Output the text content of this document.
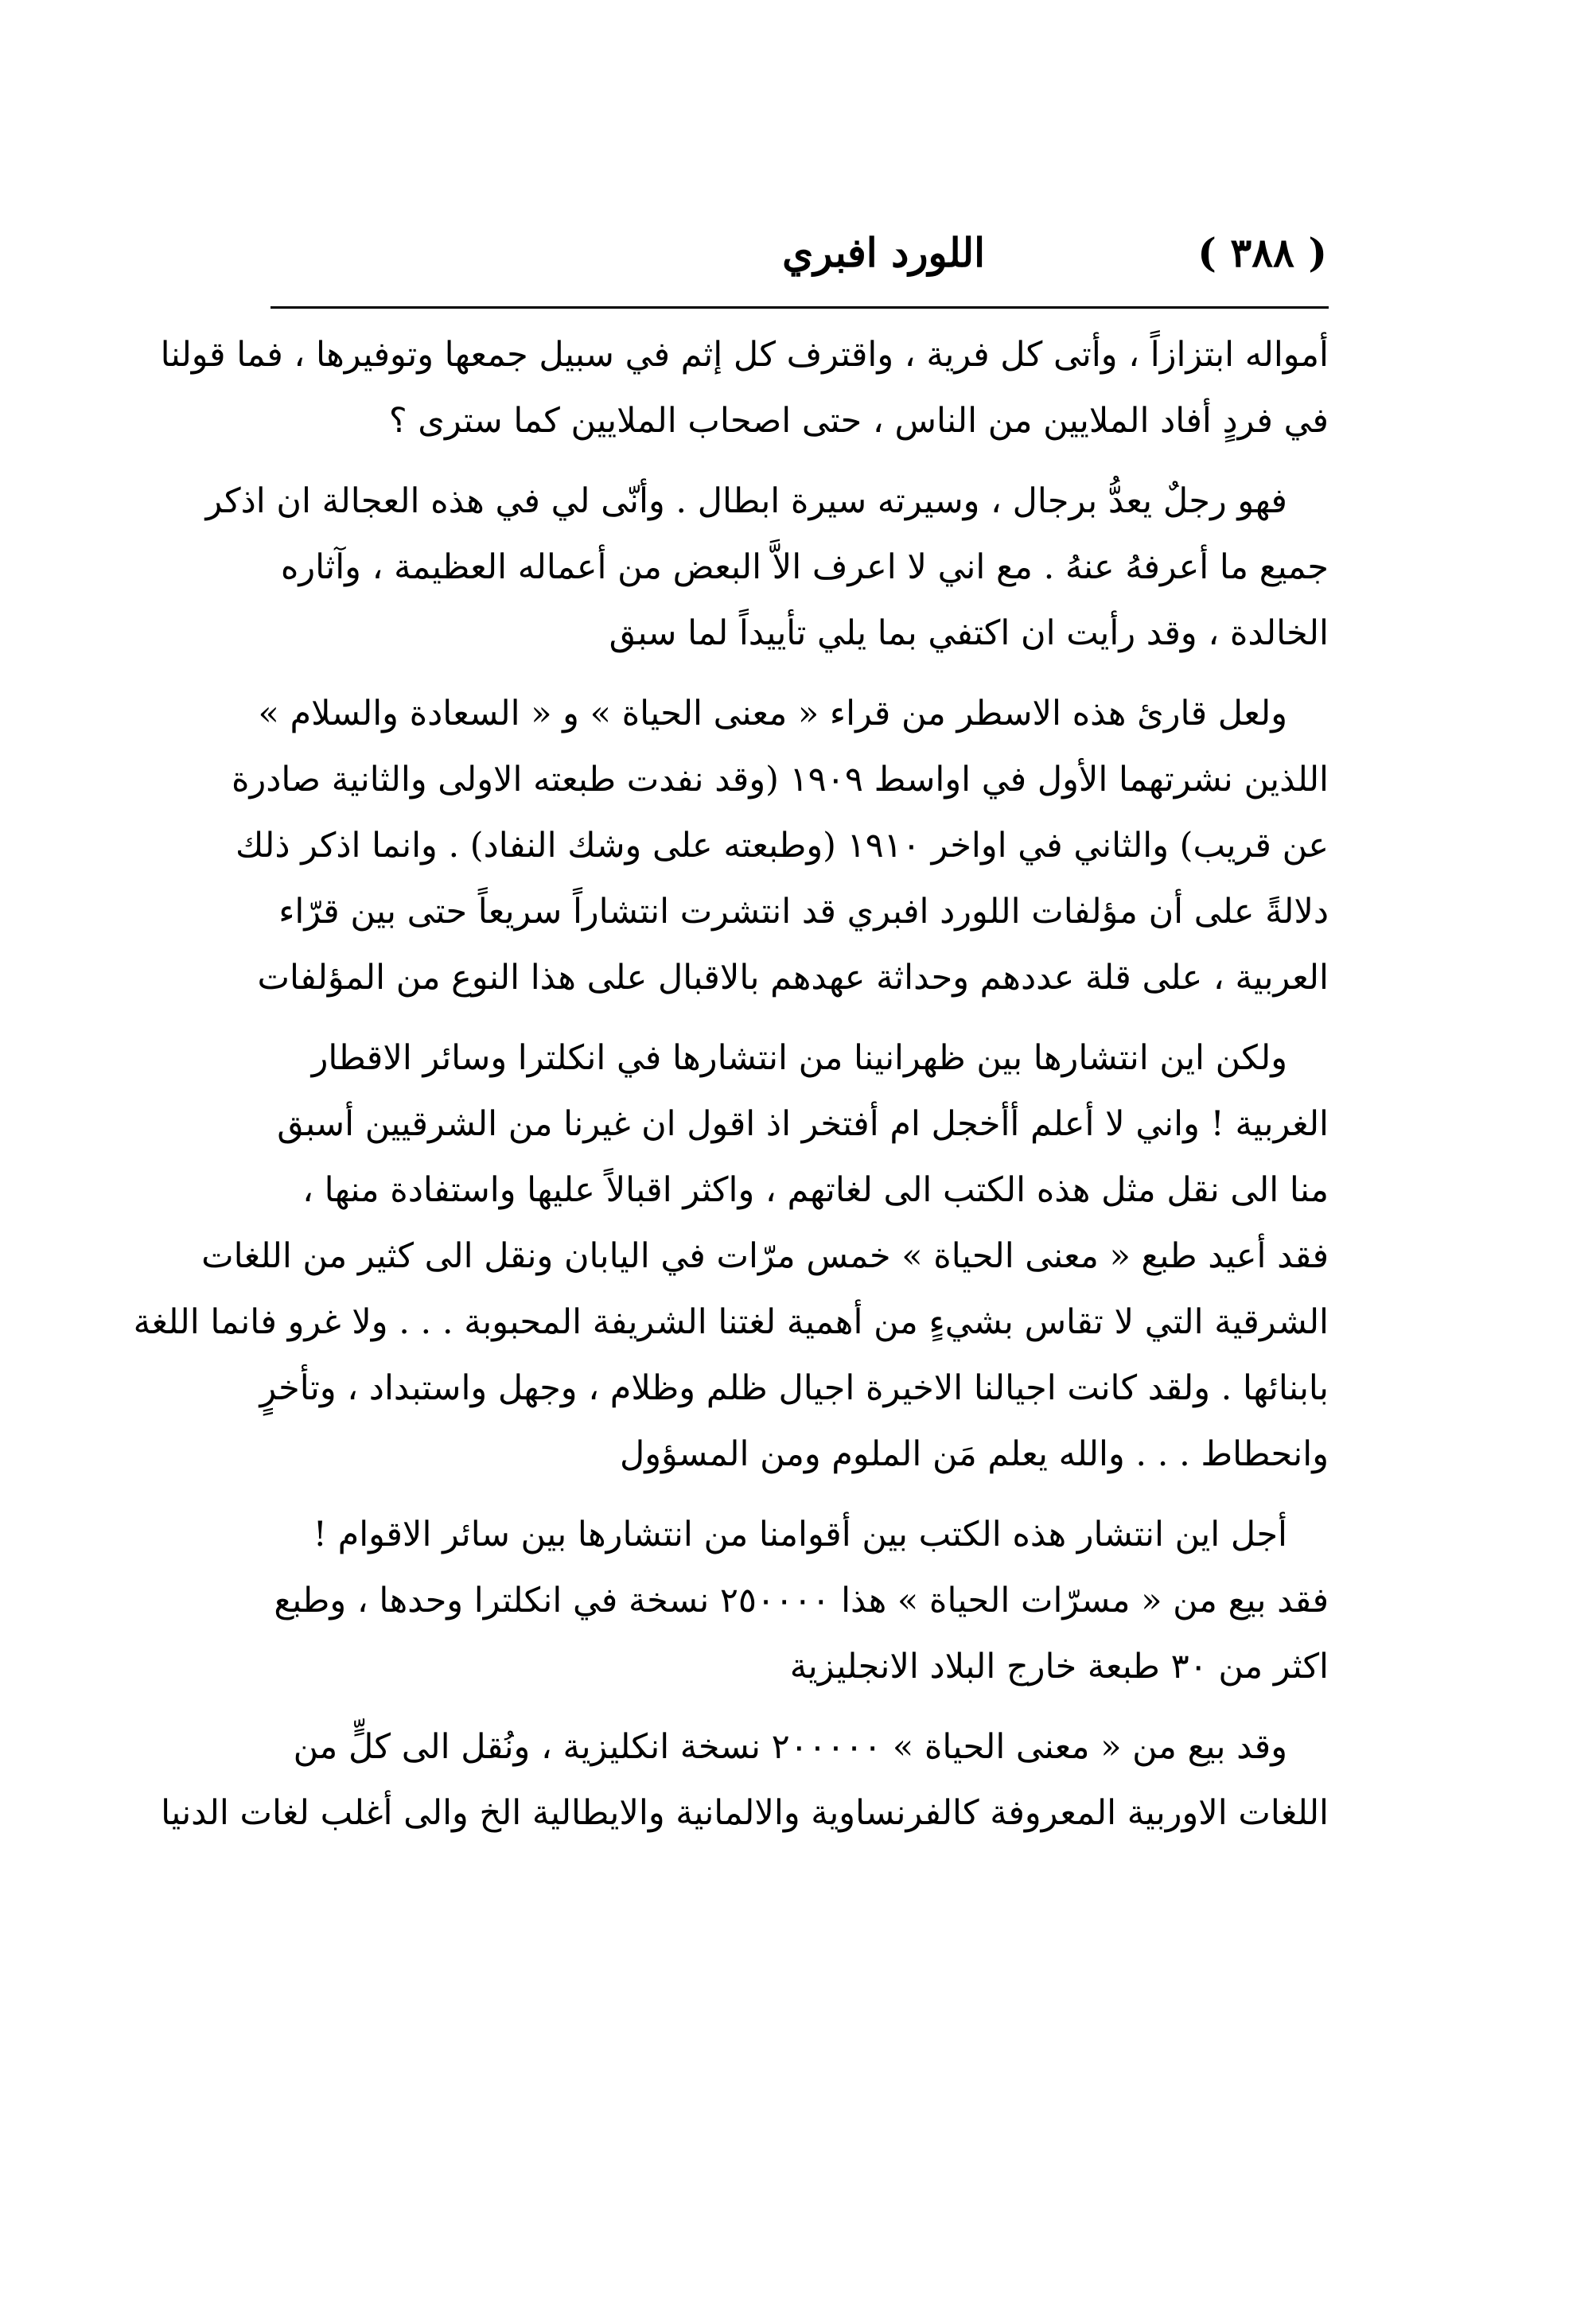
( ٣٨٨ )
اللورد افبري
أمواله ابتزازاً ، وأتى كل فرية ، واقترف كل إثم في سبيل جمعها وتوفيرها ، فما قولنا
في فردٍ أفاد الملايين من الناس ، حتى اصحاب الملايين كما سترى ؟
فهو رجلٌ يعدُّ برجال ، وسيرته سيرة ابطال . وأنّى لي في هذه العجالة ان اذكر
جميع ما أعرفهُ عنهُ . مع اني لا اعرف الاَّ البعض من أعماله العظيمة ، وآثاره
الخالدة ، وقد رأيت ان اكتفي بما يلي تأييداً لما سبق
ولعل قارئ هذه الاسطر من قراء « معنى الحياة » و « السعادة والسلام »
اللذين نشرتهما الأول في اواسط ١٩٠٩ (وقد نفدت طبعته الاولى والثانية صادرة
عن قريب) والثاني في اواخر ١٩١٠ (وطبعته على وشك النفاد) . وانما اذكر ذلك
دلالةً على أن مؤلفات اللورد افبري قد انتشرت انتشاراً سريعاً حتى بين قرّاء
العربية ، على قلة عددهم وحداثة عهدهم بالاقبال على هذا النوع من المؤلفات
ولكن اين انتشارها بين ظهرانينا من انتشارها في انكلترا وسائر الاقطار
الغربية ! واني لا أعلم أأخجل ام أفتخر اذ اقول ان غيرنا من الشرقيين أسبق
منا الى نقل مثل هذه الكتب الى لغاتهم ، واكثر اقبالاً عليها واستفادة منها ،
فقد أعيد طبع « معنى الحياة » خمس مرّات في اليابان ونقل الى كثير من اللغات
الشرقية التي لا تقاس بشيءٍ من أهمية لغتنا الشريفة المحبوبة . . . ولا غرو فانما اللغة
بابنائها . ولقد كانت اجيالنا الاخيرة اجيال ظلم وظلام ، وجهل واستبداد ، وتأخرٍ
وانحطاط . . . والله يعلم مَن الملوم ومن المسؤول
أجل اين انتشار هذه الكتب بين أقوامنا من انتشارها بين سائر الاقوام !
فقد بيع من « مسرّات الحياة » هذا ٢٥٠٠٠٠ نسخة في انكلترا وحدها ، وطبع
اكثر من ٣٠ طبعة خارج البلاد الانجليزية
وقد بيع من « معنى الحياة » ٢٠٠٠٠٠ نسخة انكليزية ، ونُقل الى كلٍّ من
اللغات الاوربية المعروفة كالفرنساوية والالمانية والايطالية الخ والى أغلب لغات الدنيا
